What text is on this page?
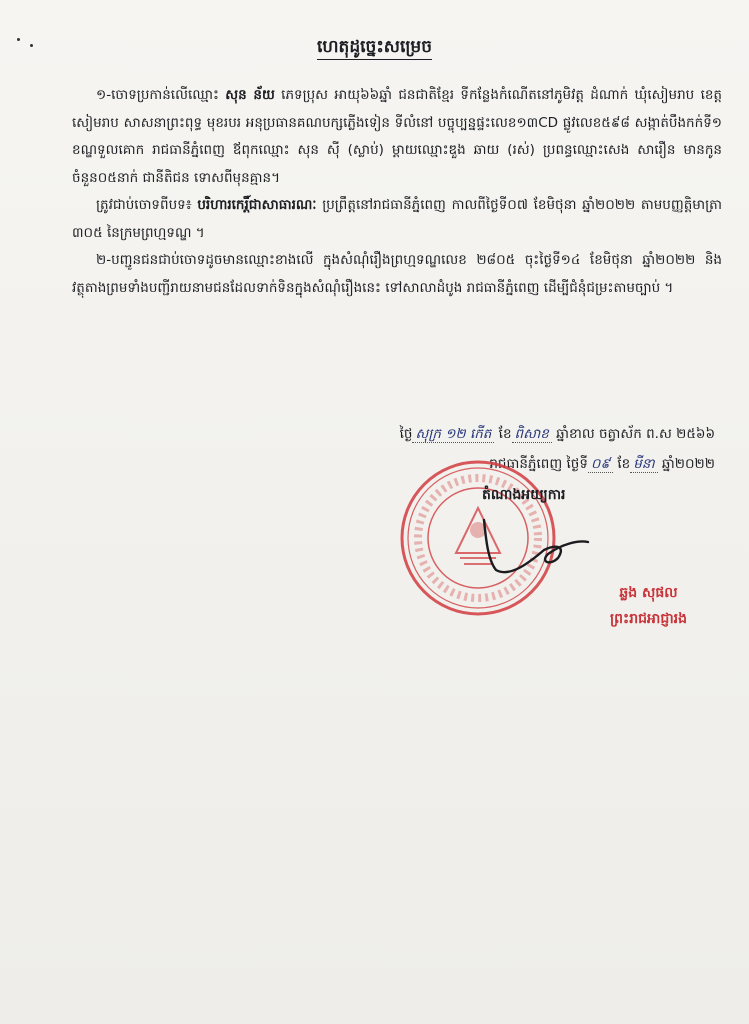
ហេតុដូច្នេះសម្រេច

១-ចោទប្រកាន់លើឈ្មោះ សុន ន័យ ភេទប្រុស អាយុ៦៦ឆ្នាំ ជនជាតិខ្មែរ ទីកន្លែងកំណើតនៅភូមិវត្ត ដំណាក់ ឃុំសៀមរាប ខេត្តសៀមរាប សាសនាព្រះពុទ្ធ មុខរបរ អនុប្រធានគណបក្សភ្លើងទៀន ទីលំនៅ បច្ចុប្បន្នផ្ទះលេខ១៣CD ផ្លូវលេខ៥៩៨ សង្កាត់បឹងកក់ទី១ ខណ្ឌទួលគោក រាជធានីភ្នំពេញ ឪពុកឈ្មោះ សុន ស៊ី (ស្លាប់) ម្ដាយឈ្មោះឌួង ឆាយ (រស់) ប្រពន្ធឈ្មោះសេង សារឿន មានកូនចំនួន០៥នាក់ ជានីតិជន ទោសពីមុនគ្មាន។

ត្រូវជាប់ចោទពីបទ៖ បរិហារកេរ្តិ៍ជាសាធារណៈ ប្រព្រឹត្តនៅរាជធានីភ្នំពេញ កាលពីថ្ងៃទី០៧ ខែមិថុនា ឆ្នាំ២០២២ តាមបញ្ញត្តិមាត្រា ៣០៥ នៃក្រមព្រហ្មទណ្ឌ ។

២-បញ្ជូនជនជាប់ចោទដូចមានឈ្មោះខាងលើ ក្នុងសំណុំរឿងព្រហ្មទណ្ឌលេខ ២៨០៥ ចុះថ្ងៃទី១៤ ខែមិថុនា ឆ្នាំ២០២២ និងវត្ថុតាងព្រមទាំងបញ្ជីរាយនាមជនដែលទាក់ទិនក្នុងសំណុំរឿងនេះ ទៅសាលាដំបូង រាជធានីភ្នំពេញ ដើម្បីជំនុំជម្រះតាមច្បាប់ ។

ថ្ងៃ សុក្រ ១២ កើត ខែ ពិសាខ ឆ្នាំខាល ចត្វាស័ក ព.ស ២៥៦៦
រាជធានីភ្នំពេញ ថ្ងៃទី ០៩ ខែ មីនា ឆ្នាំ២០២២
តំណាងអយ្យការ
ឆ្លង សុផល
ព្រះរាជអាជ្ញារង
